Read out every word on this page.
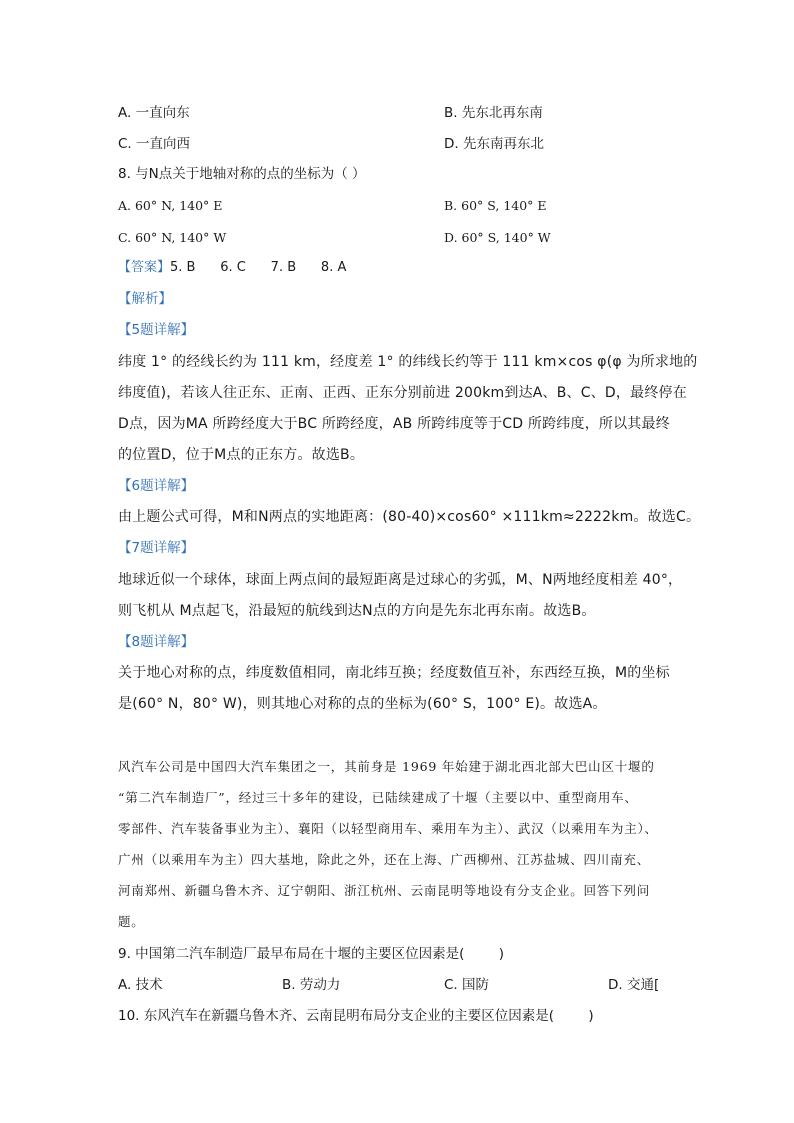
A. 一直向东	B. 先东北再东南
C. 一直向西	D. 先东南再东北
8. 与N点关于地轴对称的点的坐标为（ ）
A. 60° N, 140° E	B. 60° S, 140° E
C. 60° N, 140° W	D. 60° S, 140° W
【答案】5. B      6. C      7. B      8. A
【解析】
【5题详解】
纬度 1° 的经线长约为 111 km，经度差 1° 的纬线长约等于 111 km×cos φ(φ 为所求地的
纬度值)，若该人往正东、正南、正西、正东分别前进 200km到达A、B、C、D，最终停在
D点，因为MA 所跨经度大于BC 所跨经度，AB 所跨纬度等于CD 所跨纬度，所以其最终
的位置D，位于M点的正东方。故选B。
【6题详解】
由上题公式可得，M和N两点的实地距离：(80-40)×cos60° ×111km≈2222km。故选C。
【7题详解】
地球近似一个球体，球面上两点间的最短距离是过球心的劣弧，M、N两地经度相差 40°，
则飞机从 M点起飞，沿最短的航线到达N点的方向是先东北再东南。故选B。
【8题详解】
关于地心对称的点，纬度数值相同，南北纬互换；经度数值互补，东西经互换，M的坐标
是(60° N，80° W)，则其地心对称的点的坐标为(60° S，100° E)。故选A。
风汽车公司是中国四大汽车集团之一，其前身是 1969 年始建于湖北西北部大巴山区十堰的
“第二汽车制造厂”，经过三十多年的建设，已陆续建成了十堰（主要以中、重型商用车、
零部件、汽车装备事业为主）、襄阳（以轻型商用车、乘用车为主）、武汉（以乘用车为主）、
广州（以乘用车为主）四大基地，除此之外，还在上海、广西柳州、江苏盐城、四川南充、
河南郑州、新疆乌鲁木齐、辽宁朝阳、浙江杭州、云南昆明等地设有分支企业。回答下列问
题。
9. 中国第二汽车制造厂最早布局在十堰的主要区位因素是(        )
A. 技术	B. 劳动力	C. 国防	D. 交通[
10. 东风汽车在新疆乌鲁木齐、云南昆明布局分支企业的主要区位因素是(        )
